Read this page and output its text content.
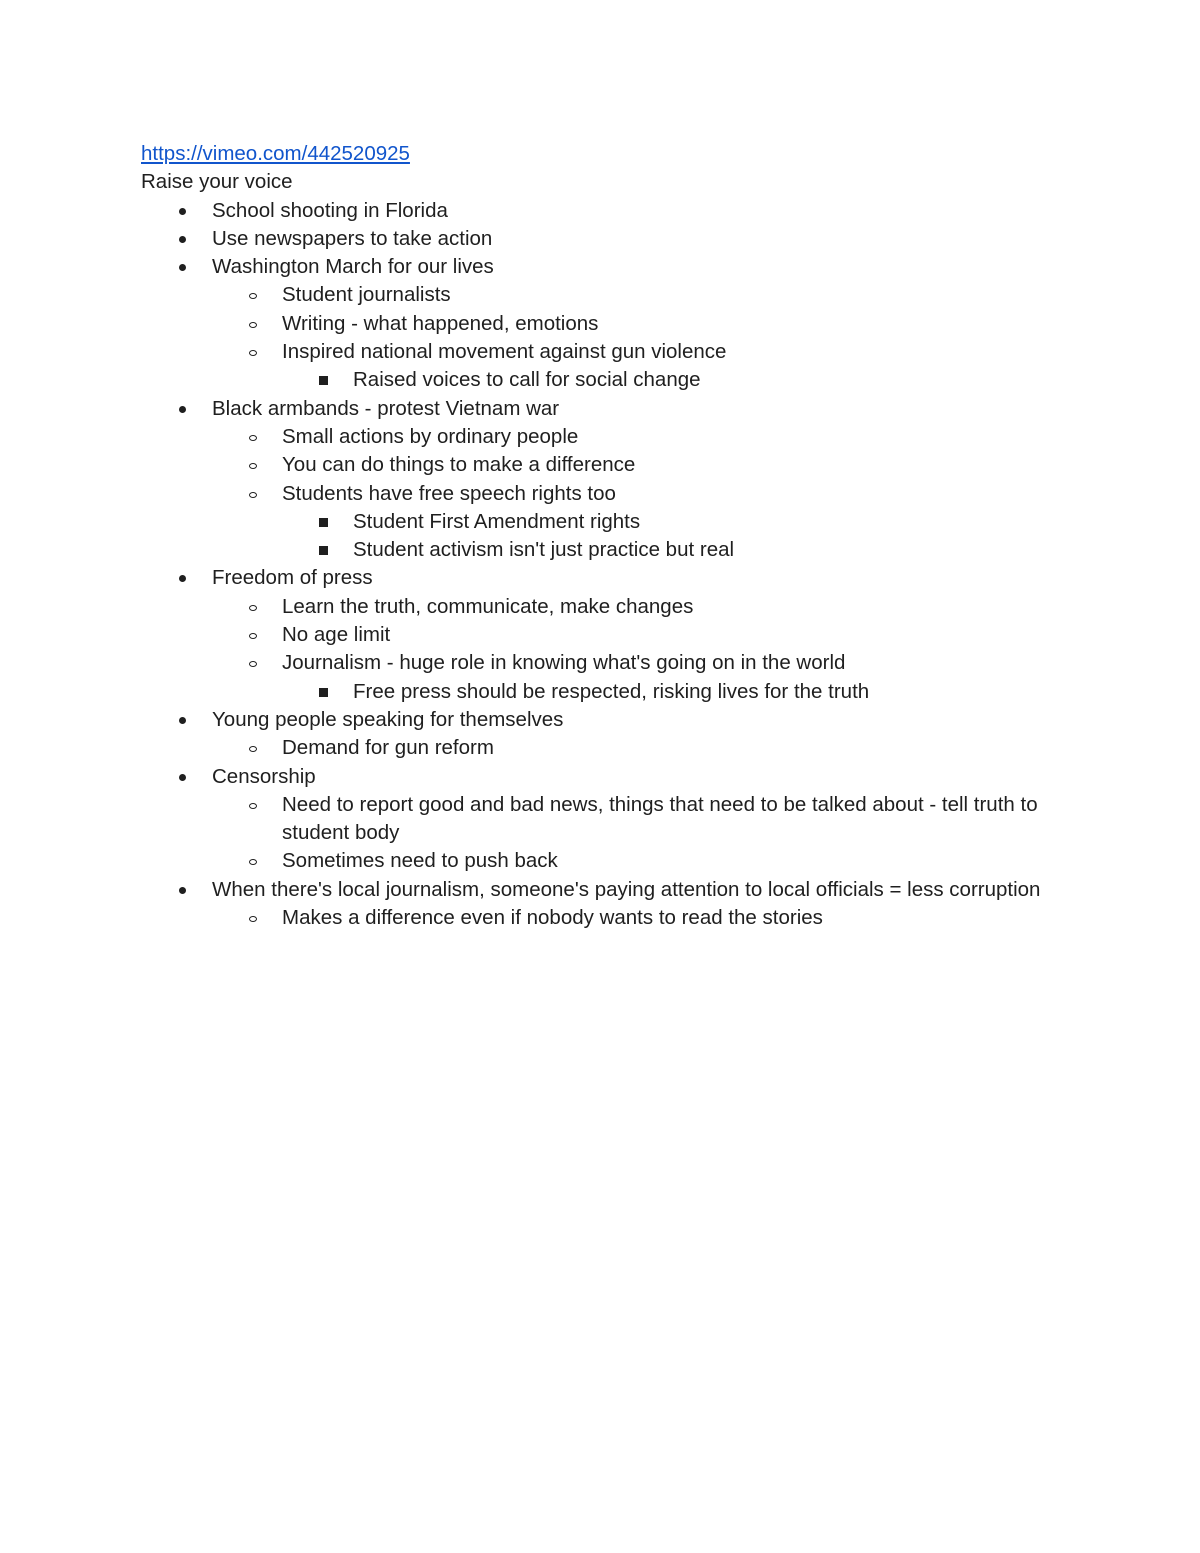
https://vimeo.com/442520925
Raise your voice
School shooting in Florida
Use newspapers to take action
Washington March for our lives
Student journalists
Writing - what happened, emotions
Inspired national movement against gun violence
Raised voices to call for social change
Black armbands - protest Vietnam war
Small actions by ordinary people
You can do things to make a difference
Students have free speech rights too
Student First Amendment rights
Student activism isn't just practice but real
Freedom of press
Learn the truth, communicate, make changes
No age limit
Journalism - huge role in knowing what's going on in the world
Free press should be respected, risking lives for the truth
Young people speaking for themselves
Demand for gun reform
Censorship
Need to report good and bad news, things that need to be talked about - tell truth to student body
Sometimes need to push back
When there's local journalism, someone's paying attention to local officials = less corruption
Makes a difference even if nobody wants to read the stories
